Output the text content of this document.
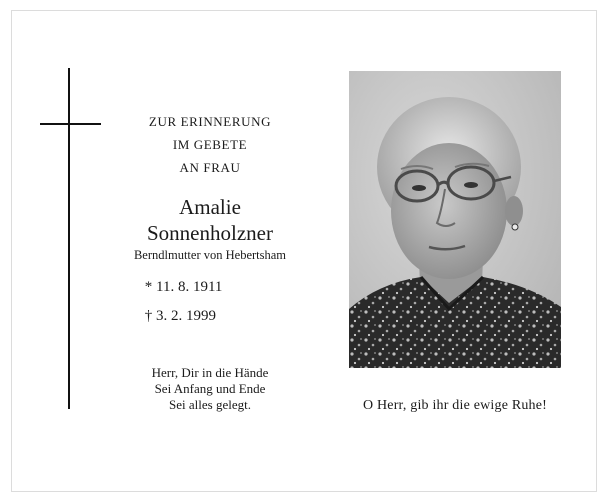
ZUR ERINNERUNG
IM GEBETE
AN FRAU
Amalie
Sonnenholzner
Berndlmutter von Hebertsham
* 11. 8. 1911
† 3. 2. 1999
Herr, Dir in die Hände
Sei Anfang und Ende
Sei alles gelegt.	O Herr, gib ihr die ewige Ruhe!
